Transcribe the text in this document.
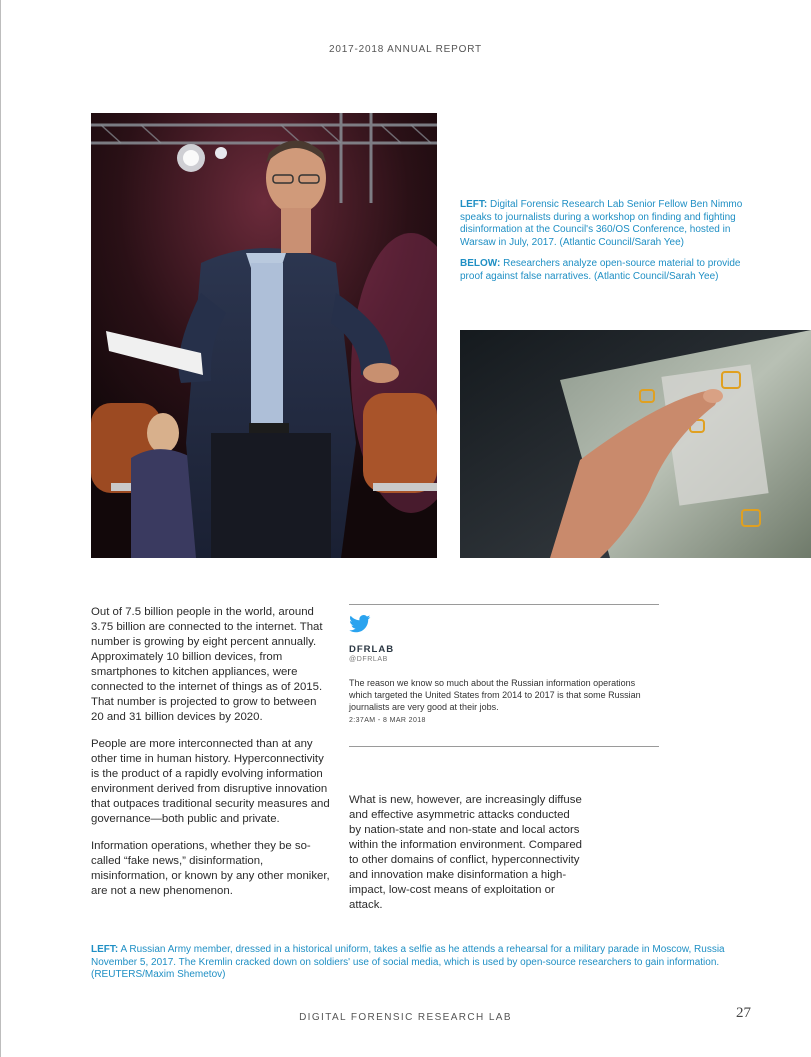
2017-2018 ANNUAL REPORT

LEFT: Digital Forensic Research Lab Senior Fellow Ben Nimmo speaks to journalists during a workshop on finding and fighting disinformation at the Council's 360/OS Conference, hosted in Warsaw in July, 2017. (Atlantic Council/Sarah Yee)

BELOW: Researchers analyze open-source material to provide proof against false narratives. (Atlantic Council/Sarah Yee)

Out of 7.5 billion people in the world, around 3.75 billion are connected to the internet. That number is growing by eight percent annually. Approximately 10 billion devices, from smartphones to kitchen appliances, were connected to the internet of things as of 2015. That number is projected to grow to between 20 and 31 billion devices by 2020.

People are more interconnected than at any other time in human history. Hyperconnectivity is the product of a rapidly evolving information environment derived from disruptive innovation that outpaces traditional security measures and governance—both public and private.

Information operations, whether they be so-called “fake news,” disinformation, misinformation, or known by any other moniker, are not a new phenomenon.

DFRLAB
@DFRLAB
The reason we know so much about the Russian information operations which targeted the United States from 2014 to 2017 is that some Russian journalists are very good at their jobs.
2:37AM - 8 MAR 2018

What is new, however, are increasingly diffuse and effective asymmetric attacks conducted by nation-state and non-state and local actors within the information environment. Compared to other domains of conflict, hyperconnectivity and innovation make disinformation a high-impact, low-cost means of exploitation or attack.

LEFT: A Russian Army member, dressed in a historical uniform, takes a selfie as he attends a rehearsal for a military parade in Moscow, Russia November 5, 2017. The Kremlin cracked down on soldiers' use of social media, which is used by open-source researchers to gain information. (REUTERS/Maxim Shemetov)
DIGITAL FORENSIC RESEARCH LAB	27
